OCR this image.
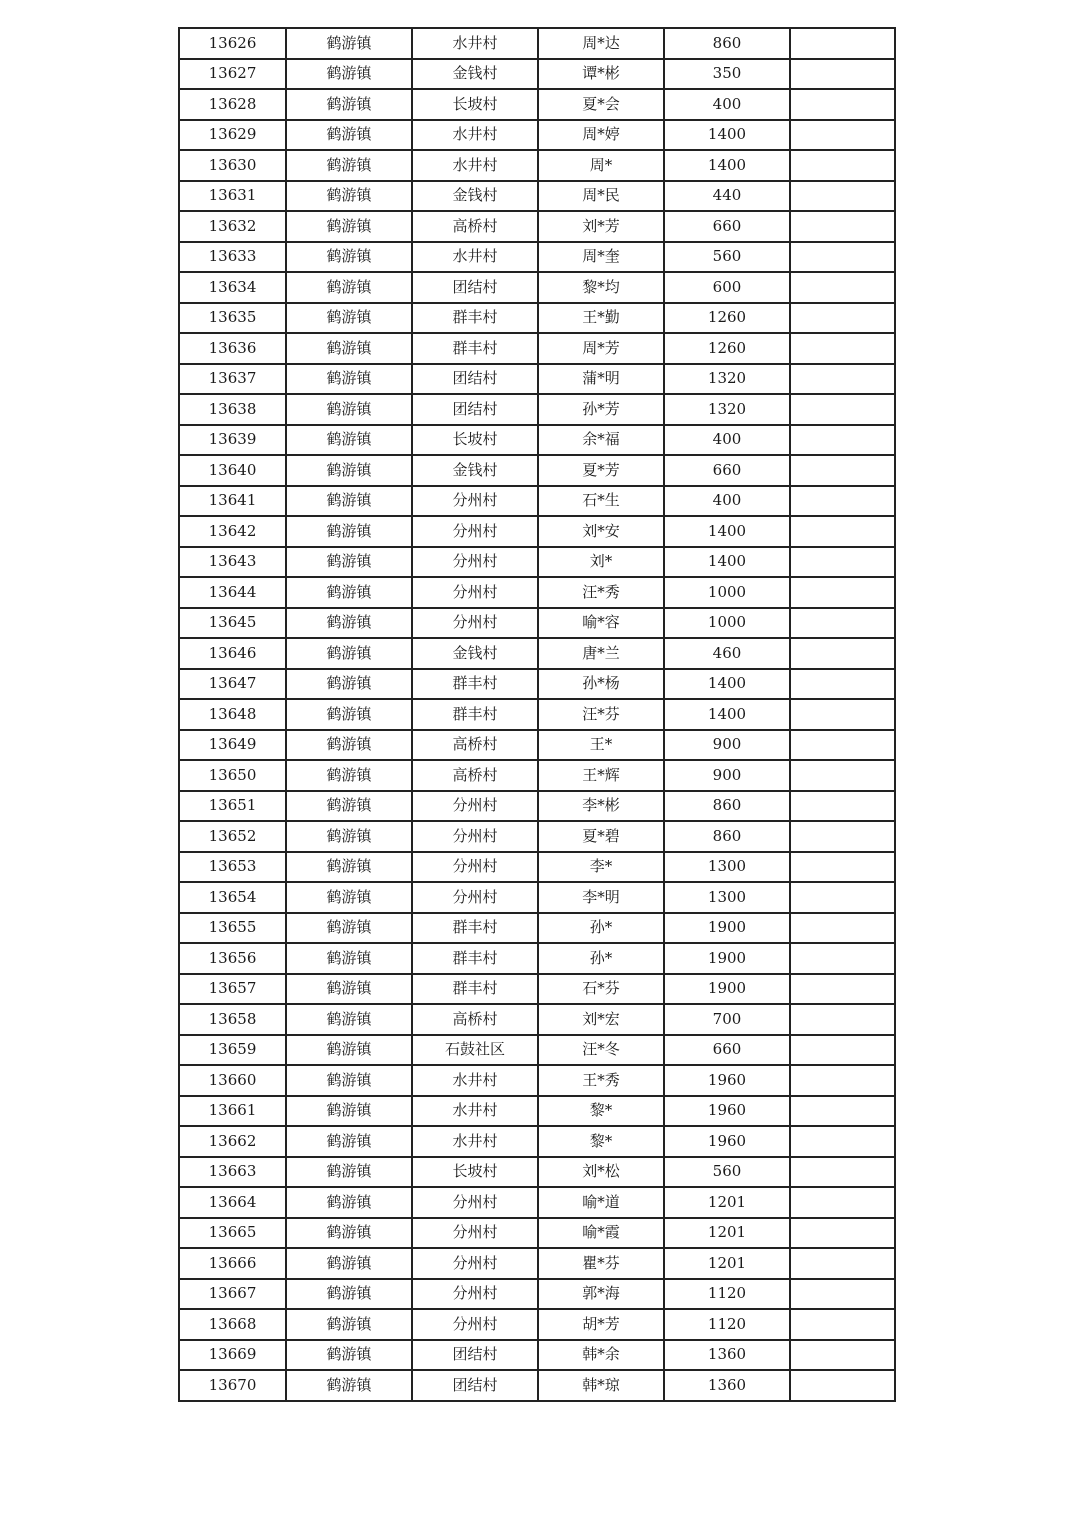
13626	鹤游镇	水井村	周*达	860	
13627	鹤游镇	金钱村	谭*彬	350	
13628	鹤游镇	长坡村	夏*会	400	
13629	鹤游镇	水井村	周*婷	1400	
13630	鹤游镇	水井村	周*	1400	
13631	鹤游镇	金钱村	周*民	440	
13632	鹤游镇	高桥村	刘*芳	660	
13633	鹤游镇	水井村	周*奎	560	
13634	鹤游镇	团结村	黎*均	600	
13635	鹤游镇	群丰村	王*勤	1260	
13636	鹤游镇	群丰村	周*芳	1260	
13637	鹤游镇	团结村	蒲*明	1320	
13638	鹤游镇	团结村	孙*芳	1320	
13639	鹤游镇	长坡村	余*福	400	
13640	鹤游镇	金钱村	夏*芳	660	
13641	鹤游镇	分州村	石*生	400	
13642	鹤游镇	分州村	刘*安	1400	
13643	鹤游镇	分州村	刘*	1400	
13644	鹤游镇	分州村	汪*秀	1000	
13645	鹤游镇	分州村	喻*容	1000	
13646	鹤游镇	金钱村	唐*兰	460	
13647	鹤游镇	群丰村	孙*杨	1400	
13648	鹤游镇	群丰村	汪*芬	1400	
13649	鹤游镇	高桥村	王*	900	
13650	鹤游镇	高桥村	王*辉	900	
13651	鹤游镇	分州村	李*彬	860	
13652	鹤游镇	分州村	夏*碧	860	
13653	鹤游镇	分州村	李*	1300	
13654	鹤游镇	分州村	李*明	1300	
13655	鹤游镇	群丰村	孙*	1900	
13656	鹤游镇	群丰村	孙*	1900	
13657	鹤游镇	群丰村	石*芬	1900	
13658	鹤游镇	高桥村	刘*宏	700	
13659	鹤游镇	石鼓社区	汪*冬	660	
13660	鹤游镇	水井村	王*秀	1960	
13661	鹤游镇	水井村	黎*	1960	
13662	鹤游镇	水井村	黎*	1960	
13663	鹤游镇	长坡村	刘*松	560	
13664	鹤游镇	分州村	喻*道	1201	
13665	鹤游镇	分州村	喻*霞	1201	
13666	鹤游镇	分州村	瞿*芬	1201	
13667	鹤游镇	分州村	郭*海	1120	
13668	鹤游镇	分州村	胡*芳	1120	
13669	鹤游镇	团结村	韩*余	1360	
13670	鹤游镇	团结村	韩*琼	1360	
